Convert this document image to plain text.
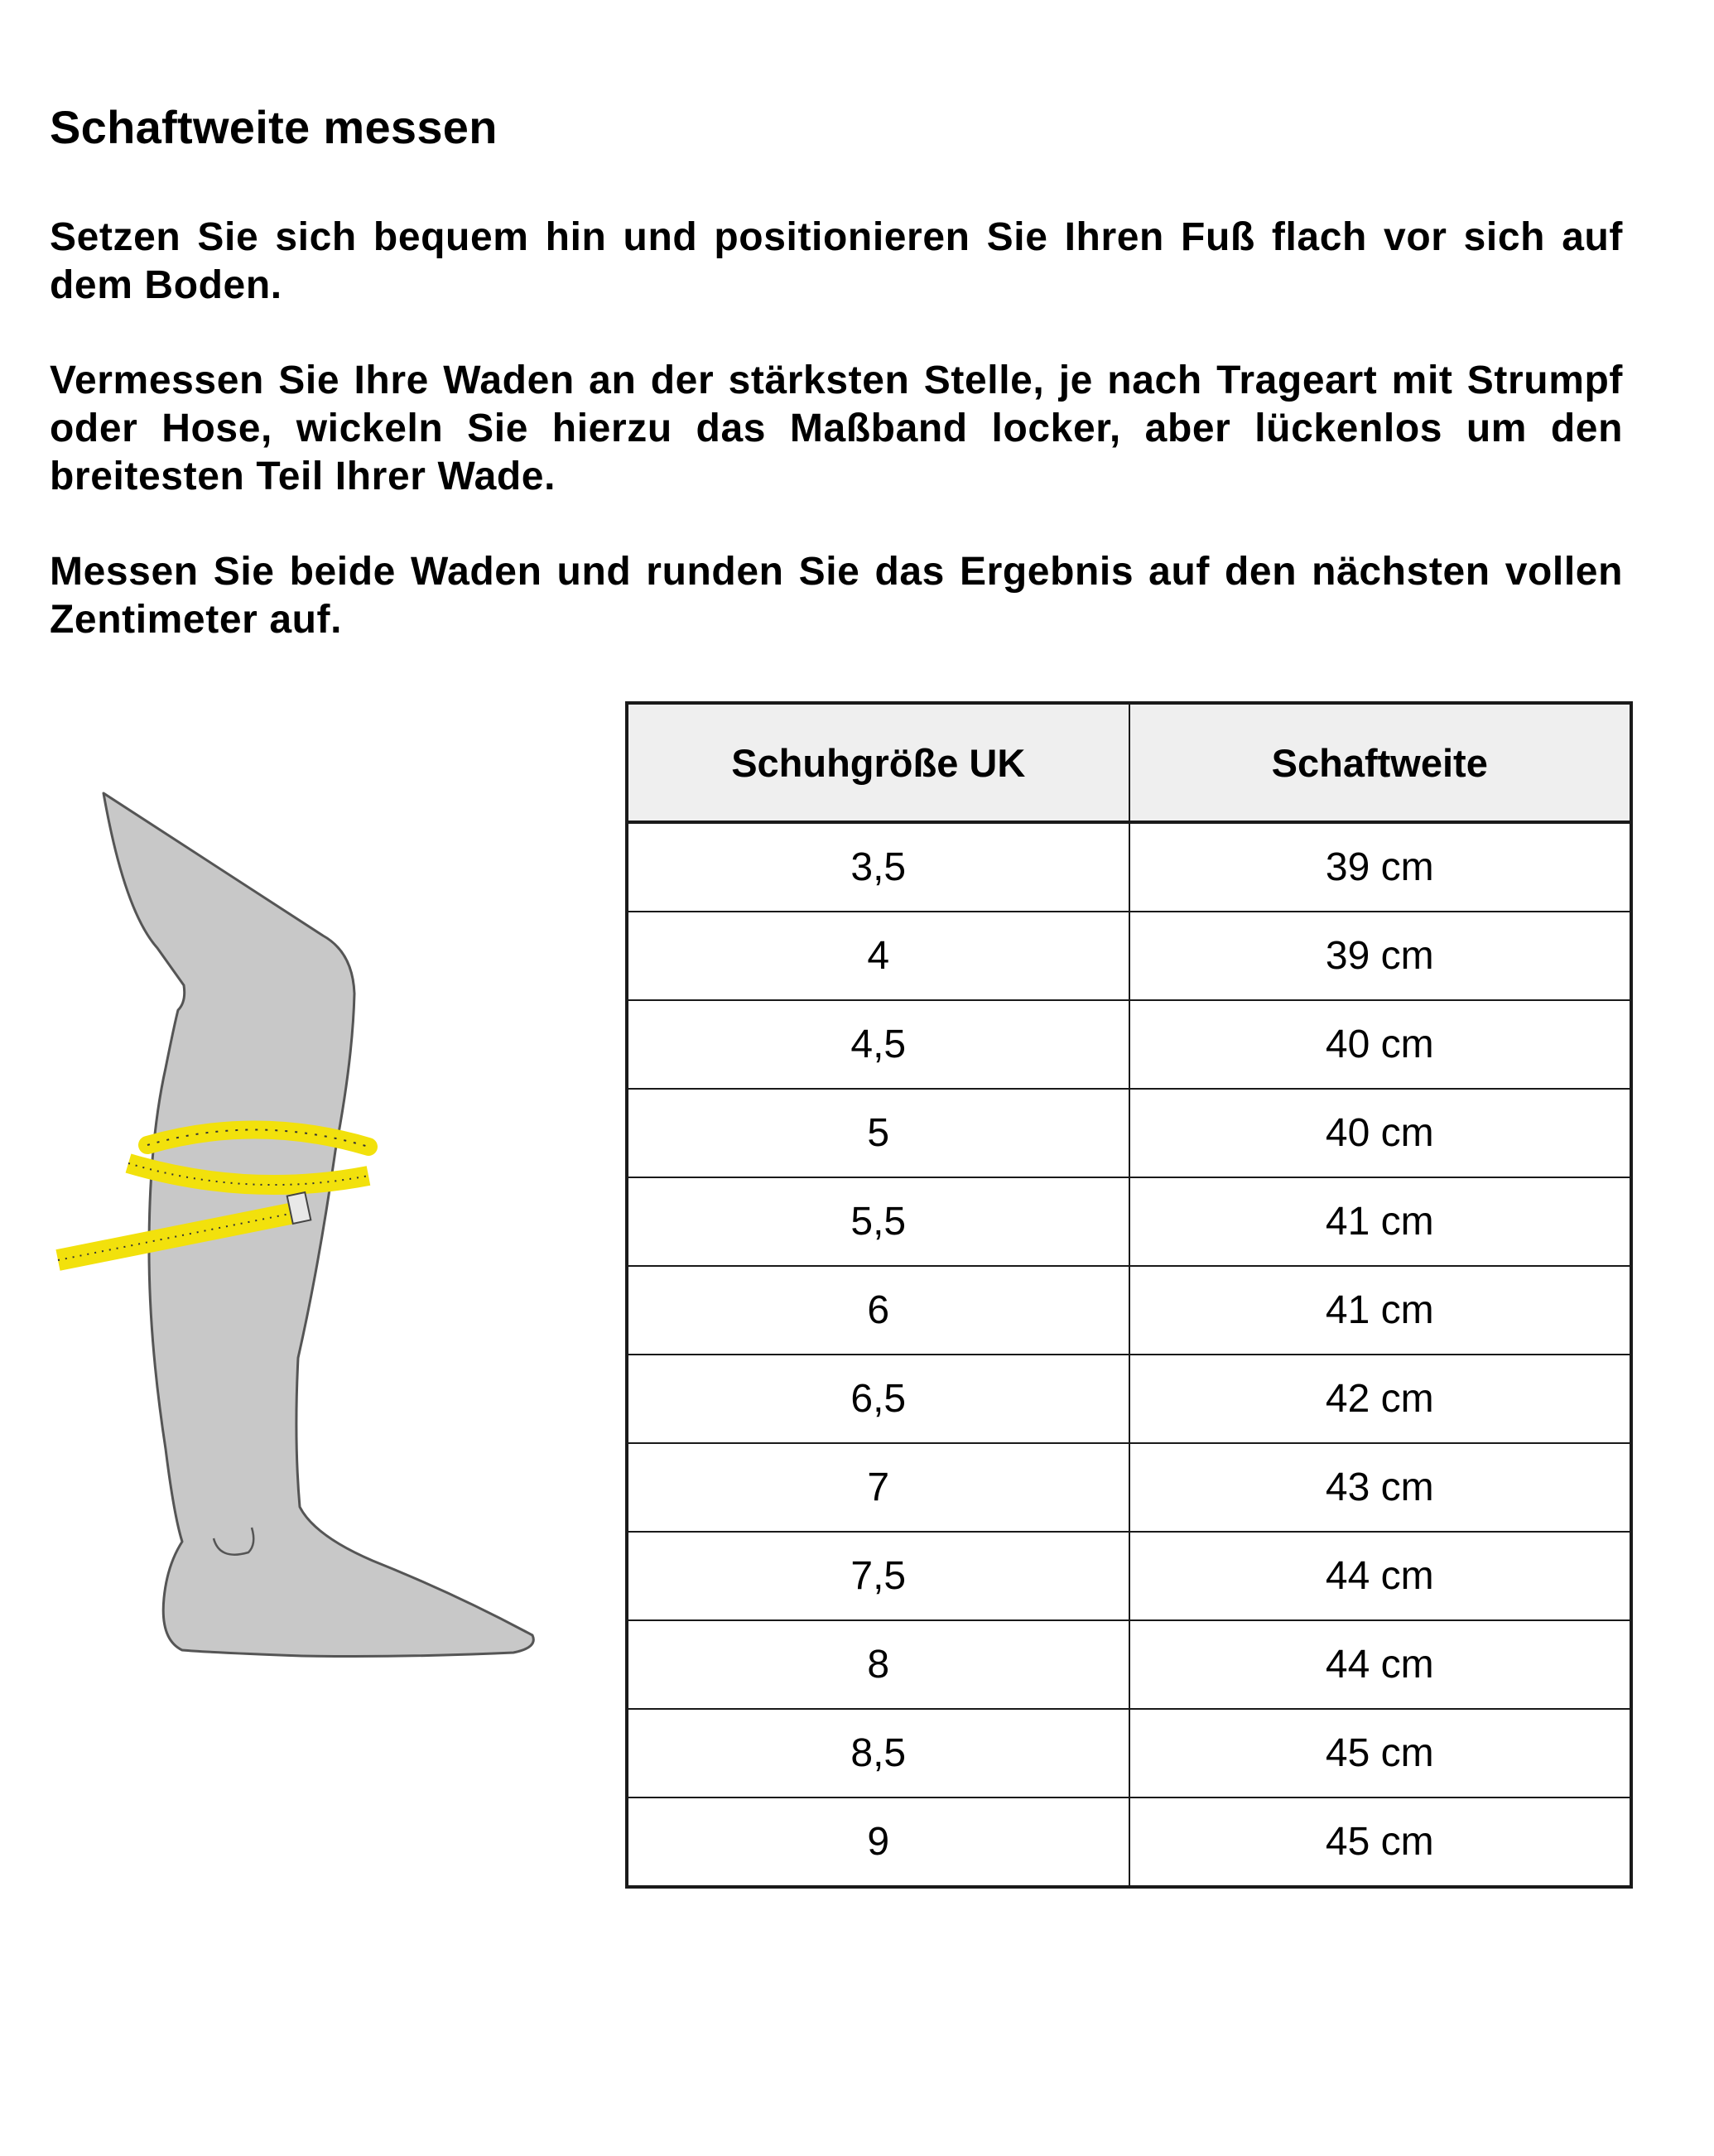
Schaftweite messen

Setzen Sie sich bequem hin und positionieren Sie Ihren Fuß flach vor sich auf dem Boden.

Vermessen Sie Ihre Waden an der stärksten Stelle, je nach Trageart mit Strumpf oder Hose, wickeln Sie hierzu das Maßband locker, aber lückenlos um den breitesten Teil Ihrer Wade.

Messen Sie beide Waden und runden Sie das Ergebnis auf den nächsten vollen Zentimeter auf.

Schuhgröße UK	Schaftweite
3,5	39 cm
4	39 cm
4,5	40 cm
5	40 cm
5,5	41 cm
6	41 cm
6,5	42 cm
7	43 cm
7,5	44 cm
8	44 cm
8,5	45 cm
9	45 cm
